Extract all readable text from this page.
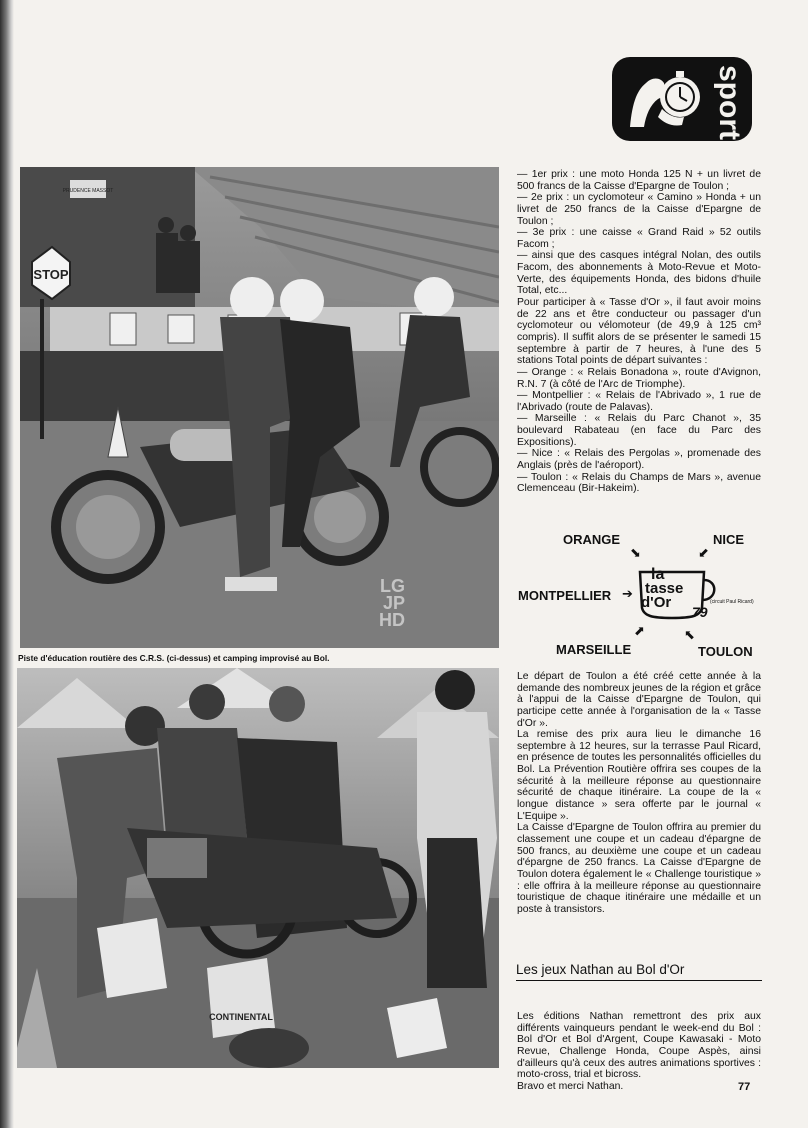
sport
PRUDENCE MASSOT
STOP
LG
JP
HD
Piste d'éducation routière des C.R.S. (ci-dessus) et camping improvisé au Bol.
CONTINENTAL

— 1er prix : une moto Honda 125 N + un livret de 500 francs de la Caisse d'Epargne de Toulon ;

— 2e prix : un cyclomoteur « Camino » Honda + un livret de 250 francs de la Caisse d'Epargne de Toulon ;

— 3e prix : une caisse « Grand Raid » 52 outils Facom ;

— ainsi que des casques intégral Nolan, des outils Facom, des abonnements à Moto-Revue et Moto-Verte, des équipements Honda, des bidons d'huile Total, etc...

Pour participer à « Tasse d'Or », il faut avoir moins de 22 ans et être conducteur ou passager d'un cyclomoteur ou vélomoteur (de 49,9 à 125 cm³ compris). Il suffit alors de se présenter le samedi 15 septembre à partir de 7 heures, à l'une des 5 stations Total points de départ suivantes :

— Orange : « Relais Bonadona », route d'Avignon, R.N. 7 (à côté de l'Arc de Triomphe).

— Montpellier : « Relais de l'Abrivado », 1 rue de l'Abrivado (route de Palavas).

— Marseille : « Relais du Parc Chanot », 35 boulevard Rabateau (en face du Parc des Expositions).

— Nice : « Relais des Pergolas », promenade des Anglais (près de l'aéroport).

— Toulon : « Relais du Champs de Mars », avenue Clemenceau (Bir-Hakeim).

ORANGE
⬊
NICE
⬋
MONTPELLIER ➔
MARSEILLE
⬈
TOULON
⬉
la
tasse
d'Or
79
(circuit Paul Ricard)

Le départ de Toulon a été créé cette année à la demande des nombreux jeunes de la région et grâce à l'appui de la Caisse d'Epargne de Toulon, qui participe cette année à l'organisation de la « Tasse d'Or ».

La remise des prix aura lieu le dimanche 16 septembre à 12 heures, sur la terrasse Paul Ricard, en présence de toutes les personnalités officielles du Bol. La Prévention Routière offrira ses coupes de la sécurité à la meilleure réponse au questionnaire sécurité de chaque itinéraire. La coupe de la « longue distance » sera offerte par le journal « L'Equipe ».

La Caisse d'Epargne de Toulon offrira au premier du classement une coupe et un cadeau d'épargne de 500 francs, au deuxième une coupe et un cadeau d'épargne de 250 francs. La Caisse d'Epargne de Toulon dotera également le « Challenge touristique » : elle offrira à la meilleure réponse au questionnaire touristique de chaque itinéraire une médaille et un poste à transistors.

Les jeux Nathan au Bol d'Or

Les éditions Nathan remettront des prix aux différents vainqueurs pendant le week-end du Bol : Bol d'Or et Bol d'Argent, Coupe Kawasaki - Moto Revue, Challenge Honda, Coupe Aspès, ainsi d'ailleurs qu'à ceux des autres animations sportives : moto-cross, trial et bicross.

Bravo et merci Nathan.	77
